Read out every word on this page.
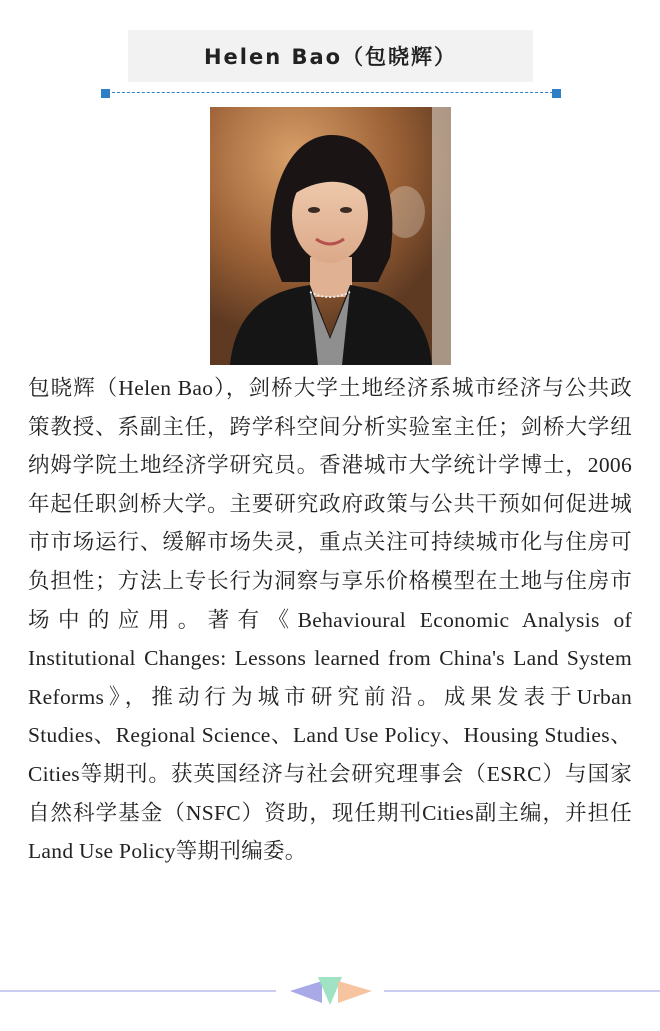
Helen Bao（包晓辉）
包晓辉（Helen Bao），剑桥大学土地经济系城市经济与公共政策教授、系副主任，跨学科空间分析实验室主任；剑桥大学纽纳姆学院土地经济学研究员。香港城市大学统计学博士，2006年起任职剑桥大学。主要研究政府政策与公共干预如何促进城市市场运行、缓解市场失灵，重点关注可持续城市化与住房可负担性；方法上专长行为洞察与享乐价格模型在土地与住房市场中的应用。著有《Behavioural Economic Analysis of Institutional Changes: Lessons learned from China's Land System Reforms》，推动行为城市研究前沿。成果发表于Urban Studies、Regional Science、Land Use Policy、Housing Studies、Cities等期刊。获英国经济与社会研究理事会（ESRC）与国家自然科学基金（NSFC）资助，现任期刊Cities副主编，并担任Land Use Policy等期刊编委。
